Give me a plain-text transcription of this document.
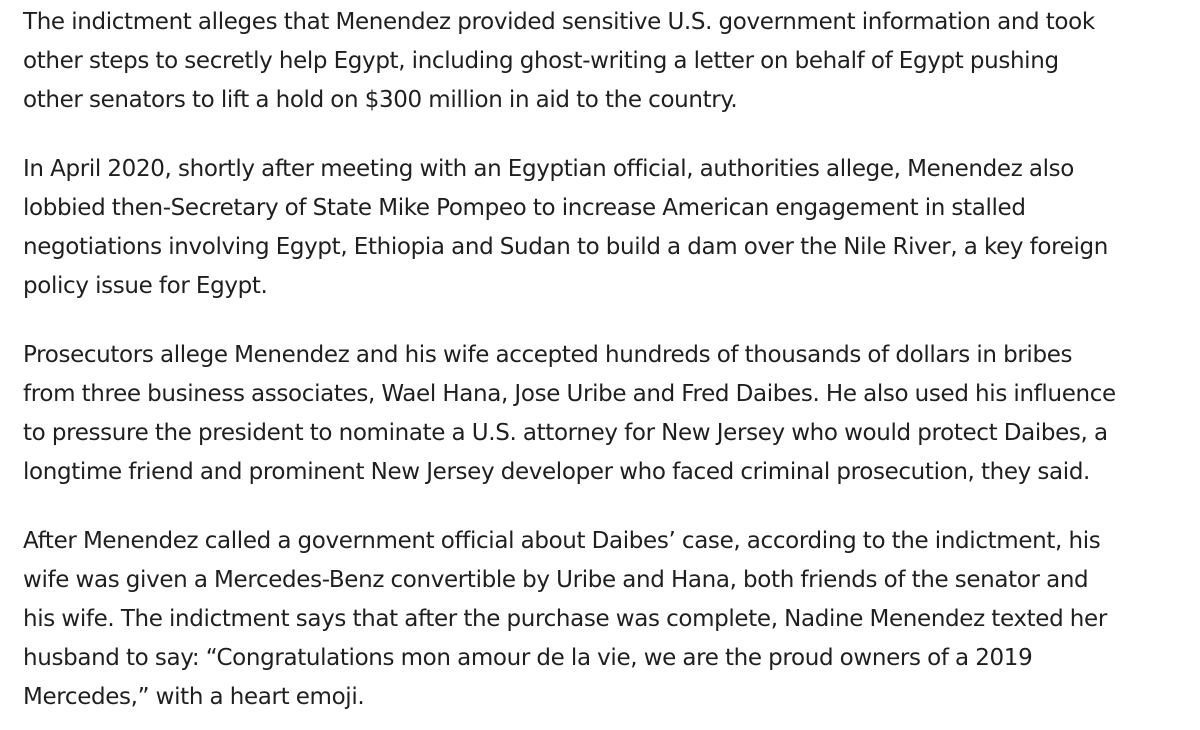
The indictment alleges that Menendez provided sensitive U.S. government information and took
other steps to secretly help Egypt, including ghost-writing a letter on behalf of Egypt pushing
other senators to lift a hold on $300 million in aid to the country.

In April 2020, shortly after meeting with an Egyptian official, authorities allege, Menendez also
lobbied then-Secretary of State Mike Pompeo to increase American engagement in stalled
negotiations involving Egypt, Ethiopia and Sudan to build a dam over the Nile River, a key foreign
policy issue for Egypt.

Prosecutors allege Menendez and his wife accepted hundreds of thousands of dollars in bribes
from three business associates, Wael Hana, Jose Uribe and Fred Daibes. He also used his influence
to pressure the president to nominate a U.S. attorney for New Jersey who would protect Daibes, a
longtime friend and prominent New Jersey developer who faced criminal prosecution, they said.

After Menendez called a government official about Daibes’ case, according to the indictment, his
wife was given a Mercedes-Benz convertible by Uribe and Hana, both friends of the senator and
his wife. The indictment says that after the purchase was complete, Nadine Menendez texted her
husband to say: “Congratulations mon amour de la vie, we are the proud owners of a 2019
Mercedes,” with a heart emoji.
